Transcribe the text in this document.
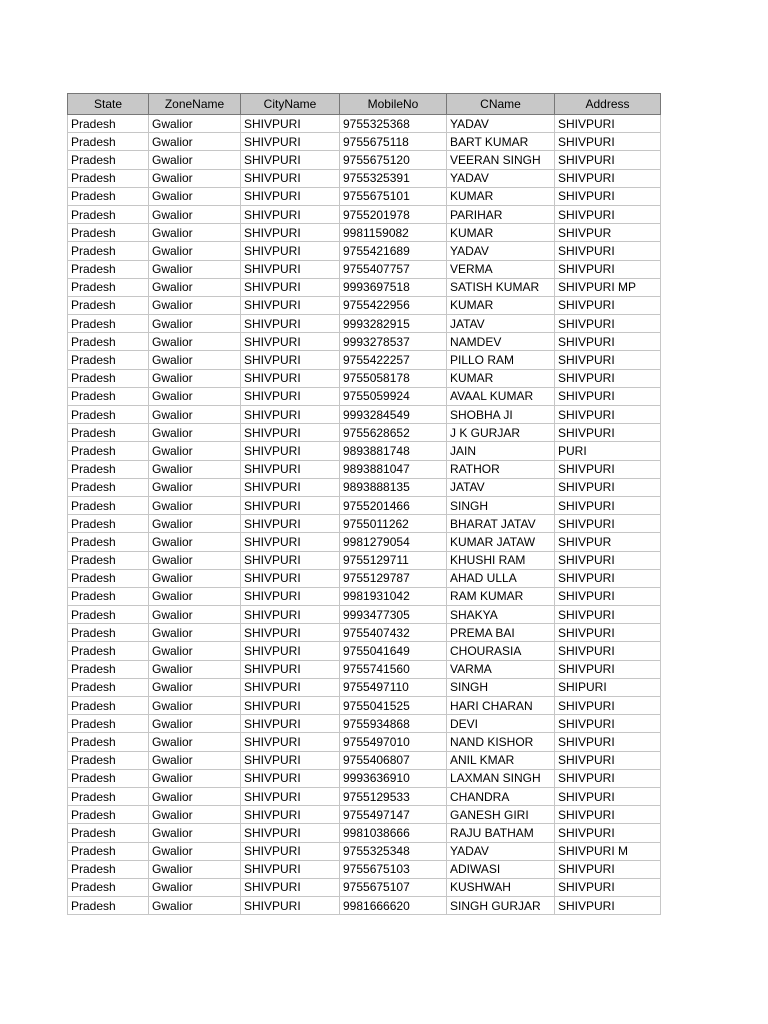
State	ZoneName	CityName	MobileNo	CName	Address
Pradesh	Gwalior	SHIVPURI	9755325368	YADAV	SHIVPURI
Pradesh	Gwalior	SHIVPURI	9755675118	BART KUMAR	SHIVPURI
Pradesh	Gwalior	SHIVPURI	9755675120	VEERAN SINGH	SHIVPURI
Pradesh	Gwalior	SHIVPURI	9755325391	YADAV	SHIVPURI
Pradesh	Gwalior	SHIVPURI	9755675101	KUMAR	SHIVPURI
Pradesh	Gwalior	SHIVPURI	9755201978	PARIHAR	SHIVPURI
Pradesh	Gwalior	SHIVPURI	9981159082	KUMAR	SHIVPUR
Pradesh	Gwalior	SHIVPURI	9755421689	YADAV	SHIVPURI
Pradesh	Gwalior	SHIVPURI	9755407757	VERMA	SHIVPURI
Pradesh	Gwalior	SHIVPURI	9993697518	SATISH KUMAR	SHIVPURI MP
Pradesh	Gwalior	SHIVPURI	9755422956	KUMAR	SHIVPURI
Pradesh	Gwalior	SHIVPURI	9993282915	JATAV	SHIVPURI
Pradesh	Gwalior	SHIVPURI	9993278537	NAMDEV	SHIVPURI
Pradesh	Gwalior	SHIVPURI	9755422257	PILLO RAM	SHIVPURI
Pradesh	Gwalior	SHIVPURI	9755058178	KUMAR	SHIVPURI
Pradesh	Gwalior	SHIVPURI	9755059924	AVAAL KUMAR	SHIVPURI
Pradesh	Gwalior	SHIVPURI	9993284549	SHOBHA JI	SHIVPURI
Pradesh	Gwalior	SHIVPURI	9755628652	J K GURJAR	SHIVPURI
Pradesh	Gwalior	SHIVPURI	9893881748	JAIN	PURI
Pradesh	Gwalior	SHIVPURI	9893881047	RATHOR	SHIVPURI
Pradesh	Gwalior	SHIVPURI	9893888135	JATAV	SHIVPURI
Pradesh	Gwalior	SHIVPURI	9755201466	SINGH	SHIVPURI
Pradesh	Gwalior	SHIVPURI	9755011262	BHARAT JATAV	SHIVPURI
Pradesh	Gwalior	SHIVPURI	9981279054	KUMAR JATAW	SHIVPUR
Pradesh	Gwalior	SHIVPURI	9755129711	KHUSHI RAM	SHIVPURI
Pradesh	Gwalior	SHIVPURI	9755129787	AHAD ULLA	SHIVPURI
Pradesh	Gwalior	SHIVPURI	9981931042	RAM KUMAR	SHIVPURI
Pradesh	Gwalior	SHIVPURI	9993477305	SHAKYA	SHIVPURI
Pradesh	Gwalior	SHIVPURI	9755407432	PREMA BAI	SHIVPURI
Pradesh	Gwalior	SHIVPURI	9755041649	CHOURASIA	SHIVPURI
Pradesh	Gwalior	SHIVPURI	9755741560	VARMA	SHIVPURI
Pradesh	Gwalior	SHIVPURI	9755497110	SINGH	SHIPURI
Pradesh	Gwalior	SHIVPURI	9755041525	HARI CHARAN	SHIVPURI
Pradesh	Gwalior	SHIVPURI	9755934868	DEVI	SHIVPURI
Pradesh	Gwalior	SHIVPURI	9755497010	NAND KISHOR	SHIVPURI
Pradesh	Gwalior	SHIVPURI	9755406807	ANIL KMAR	SHIVPURI
Pradesh	Gwalior	SHIVPURI	9993636910	LAXMAN SINGH	SHIVPURI
Pradesh	Gwalior	SHIVPURI	9755129533	CHANDRA	SHIVPURI
Pradesh	Gwalior	SHIVPURI	9755497147	GANESH GIRI	SHIVPURI
Pradesh	Gwalior	SHIVPURI	9981038666	RAJU BATHAM	SHIVPURI
Pradesh	Gwalior	SHIVPURI	9755325348	YADAV	SHIVPURI M
Pradesh	Gwalior	SHIVPURI	9755675103	ADIWASI	SHIVPURI
Pradesh	Gwalior	SHIVPURI	9755675107	KUSHWAH	SHIVPURI
Pradesh	Gwalior	SHIVPURI	9981666620	SINGH GURJAR	SHIVPURI
